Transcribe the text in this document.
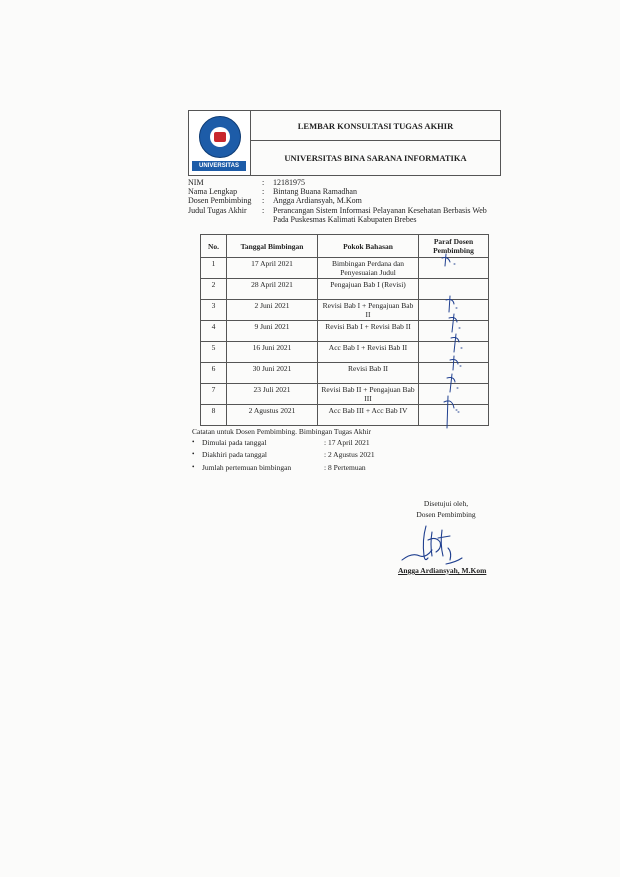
UNIVERSITAS
LEMBAR KONSULTASI TUGAS AKHIR
UNIVERSITAS BINA SARANA INFORMATIKA
NIM	: 12181975
Nama Lengkap	: Bintang Buana Ramadhan
Dosen Pembimbing : Angga Ardiansyah, M.Kom
Judul Tugas Akhir : Perancangan Sistem Informasi Pelayanan Kesehatan Berbasis Web
Pada Puskesmas Kalimati Kabupaten Brebes
No.	Tanggal Bimbingan	Pokok Bahasan	Paraf Dosen Pembimbing
1	17 April 2021	Bimbingan Perdana dan Penyesuaian Judul	
2	28 April 2021	Pengajuan Bab I (Revisi)	
3	2 Juni 2021	Revisi Bab I + Pengajuan Bab II	
4	9 Juni 2021	Revisi Bab I + Revisi Bab II	
5	16 Juni 2021	Acc Bab I + Revisi Bab II	
6	30 Juni 2021	Revisi Bab II	
7	23 Juli 2021	Revisi Bab II + Pengajuan Bab III	
8	2 Agustus 2021	Acc Bab III + Acc Bab IV	
Catatan untuk Dosen Pembimbing. Bimbingan Tugas Akhir
• Dimulai pada tanggal	: 17 April 2021
• Diakhiri pada tanggal	: 2 Agustus 2021
• Jumlah pertemuan bimbingan	: 8 Pertemuan
Disetujui oleh,
Dosen Pembimbing
Angga Ardiansyah, M.Kom
